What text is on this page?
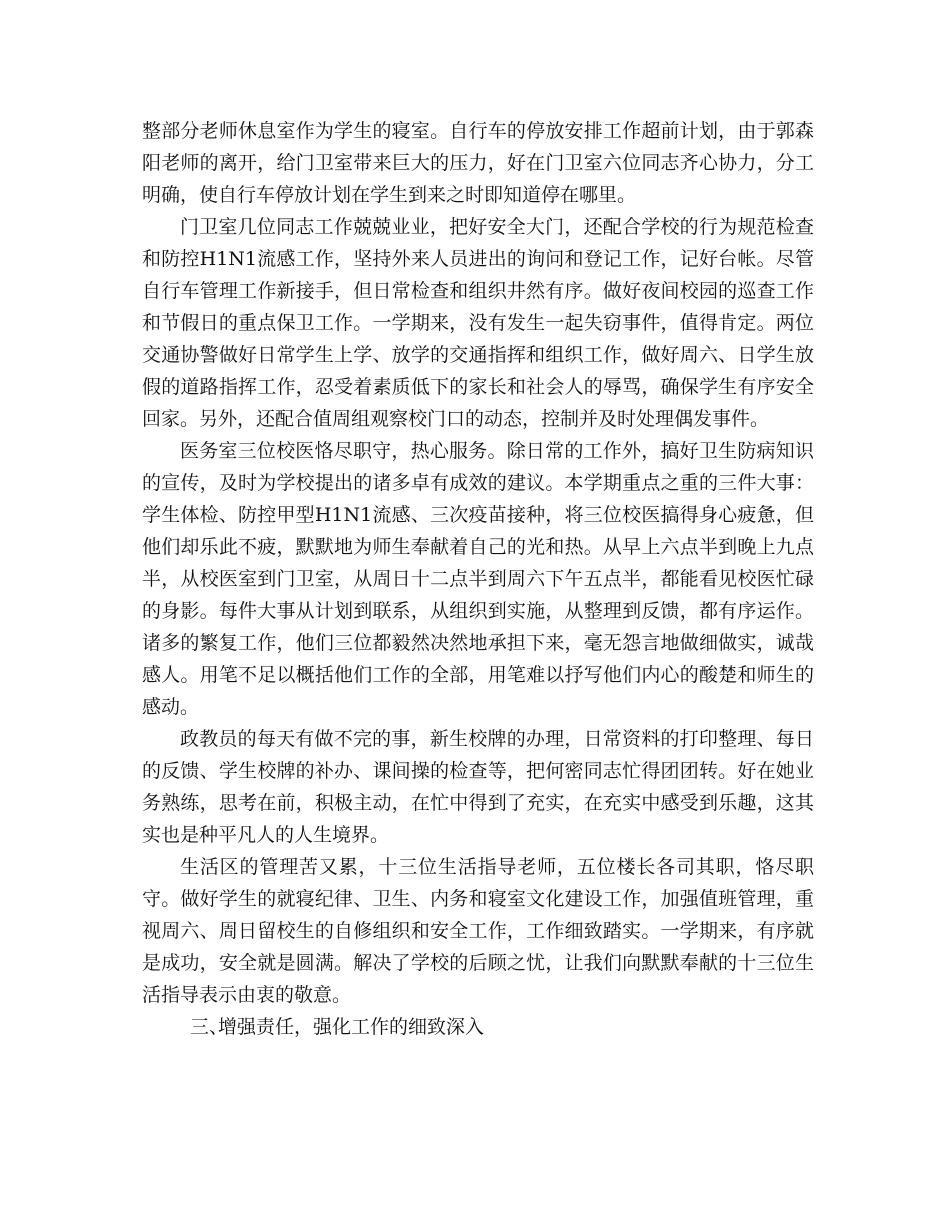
整部分老师休息室作为学生的寝室。自行车的停放安排工作超前计划，由于郭森阳老师的离开，给门卫室带来巨大的压力，好在门卫室六位同志齐心协力，分工明确，使自行车停放计划在学生到来之时即知道停在哪里。

门卫室几位同志工作兢兢业业，把好安全大门，还配合学校的行为规范检查和防控H1N1流感工作，坚持外来人员进出的询问和登记工作，记好台帐。尽管自行车管理工作新接手，但日常检查和组织井然有序。做好夜间校园的巡查工作和节假日的重点保卫工作。一学期来，没有发生一起失窃事件，值得肯定。两位交通协警做好日常学生上学、放学的交通指挥和组织工作，做好周六、日学生放假的道路指挥工作，忍受着素质低下的家长和社会人的辱骂，确保学生有序安全回家。另外，还配合值周组观察校门口的动态，控制并及时处理偶发事件。

医务室三位校医恪尽职守，热心服务。除日常的工作外，搞好卫生防病知识的宣传，及时为学校提出的诸多卓有成效的建议。本学期重点之重的三件大事：学生体检、防控甲型H1N1流感、三次疫苗接种，将三位校医搞得身心疲惫，但他们却乐此不疲，默默地为师生奉献着自己的光和热。从早上六点半到晚上九点半，从校医室到门卫室，从周日十二点半到周六下午五点半，都能看见校医忙碌的身影。每件大事从计划到联系，从组织到实施，从整理到反馈，都有序运作。诸多的繁复工作，他们三位都毅然决然地承担下来，毫无怨言地做细做实，诚哉感人。用笔不足以概括他们工作的全部，用笔难以抒写他们内心的酸楚和师生的感动。

政教员的每天有做不完的事，新生校牌的办理，日常资料的打印整理、每日的反馈、学生校牌的补办、课间操的检查等，把何密同志忙得团团转。好在她业务熟练，思考在前，积极主动，在忙中得到了充实，在充实中感受到乐趣，这其实也是种平凡人的人生境界。

生活区的管理苦又累，十三位生活指导老师，五位楼长各司其职，恪尽职守。做好学生的就寝纪律、卫生、内务和寝室文化建设工作，加强值班管理，重视周六、周日留校生的自修组织和安全工作，工作细致踏实。一学期来，有序就是成功，安全就是圆满。解决了学校的后顾之忧，让我们向默默奉献的十三位生活指导表示由衷的敬意。

三、增强责任，强化工作的细致深入
